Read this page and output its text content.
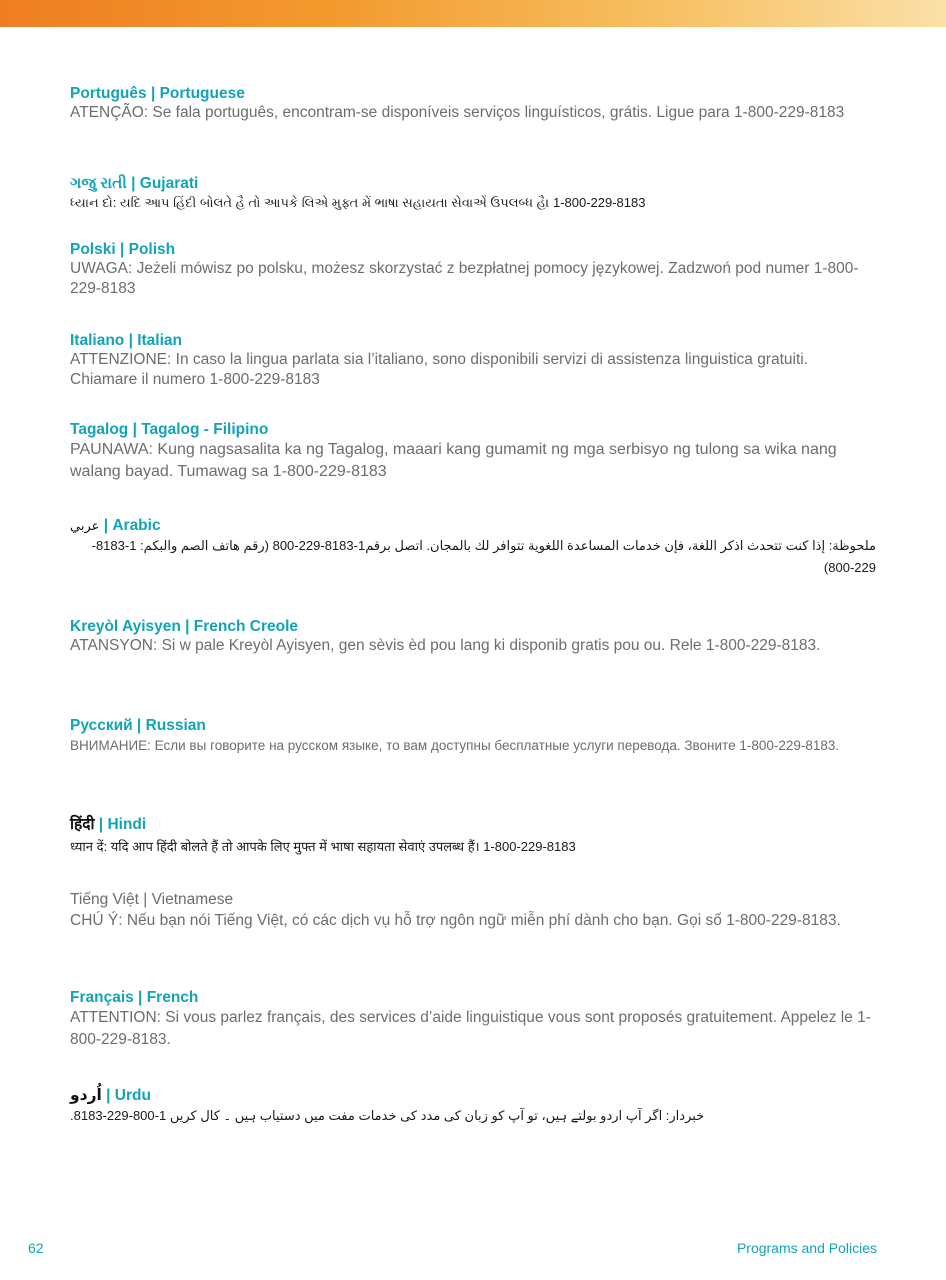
Português | Portuguese

ATENÇÃO: Se fala português, encontram-se disponíveis serviços linguísticos, grátis. Ligue para 1-800-229-8183

ગજુ રાતી | Gujarati

ધ્યાન દો: યદિ આપ હિંદી બોલતે હૈ તો આપકે લિએ મુફ્ત મેં ભાષા સહાયતા સેવાએં ઉપલબ્ધ હૈ। 1-800-229-8183

Polski | Polish

UWAGA: Jeżeli mówisz po polsku, możesz skorzystać z bezpłatnej pomocy językowej. Zadzwoń pod numer 1-800-229-8183

Italiano | Italian

ATTENZIONE: In caso la lingua parlata sia l’italiano, sono disponibili servizi di assistenza linguistica gratuiti. Chiamare il numero 1-800-229-8183

Tagalog | Tagalog - Filipino

PAUNAWA: Kung nagsasalita ka ng Tagalog, maaari kang gumamit ng mga serbisyo ng tulong sa wika nang walang bayad. Tumawag sa 1-800-229-8183

عربي | Arabic

ملحوظة: إذا كنت تتحدث اذكر اللغة، فإن خدمات المساعدة اللغوية تتوافر لك بالمجان. اتصل برقم1-8183-229-800 (رقم هاتف الصم والبكم: 1-8183-229-800)

Kreyòl Ayisyen | French Creole

ATANSYON: Si w pale Kreyòl Ayisyen, gen sèvis èd pou lang ki disponib gratis pou ou. Rele 1-800-229-8183.

Русский | Russian

ВНИМАНИЕ: Если вы говорите на русском языке, то вам доступны бесплатные услуги перевода. Звоните 1-800-229-8183.

हिंदी | Hindi

ध्यान दें: यदि आप हिंदी बोलते हैं तो आपके लिए मुफ्त में भाषा सहायता सेवाएं उपलब्ध हैं। 1-800-229-8183

Tiếng Việt | Vietnamese

CHÚ Ý: Nếu bạn nói Tiếng Việt, có các dịch vụ hỗ trợ ngôn ngữ miễn phí dành cho bạn. Gọi số 1-800-229-8183.

Français | French

ATTENTION: Si vous parlez français, des services d’aide linguistique vous sont proposés gratuitement. Appelez le 1-800-229-8183.

اُردو | Urdu

خبردار: اگر آپ اردو بولتے ہیں، تو آپ کو زبان کی مدد کی خدمات مفت میں دستیاب ہیں ۔ کال کریں 1-800-229-8183.

62	Programs and Policies
